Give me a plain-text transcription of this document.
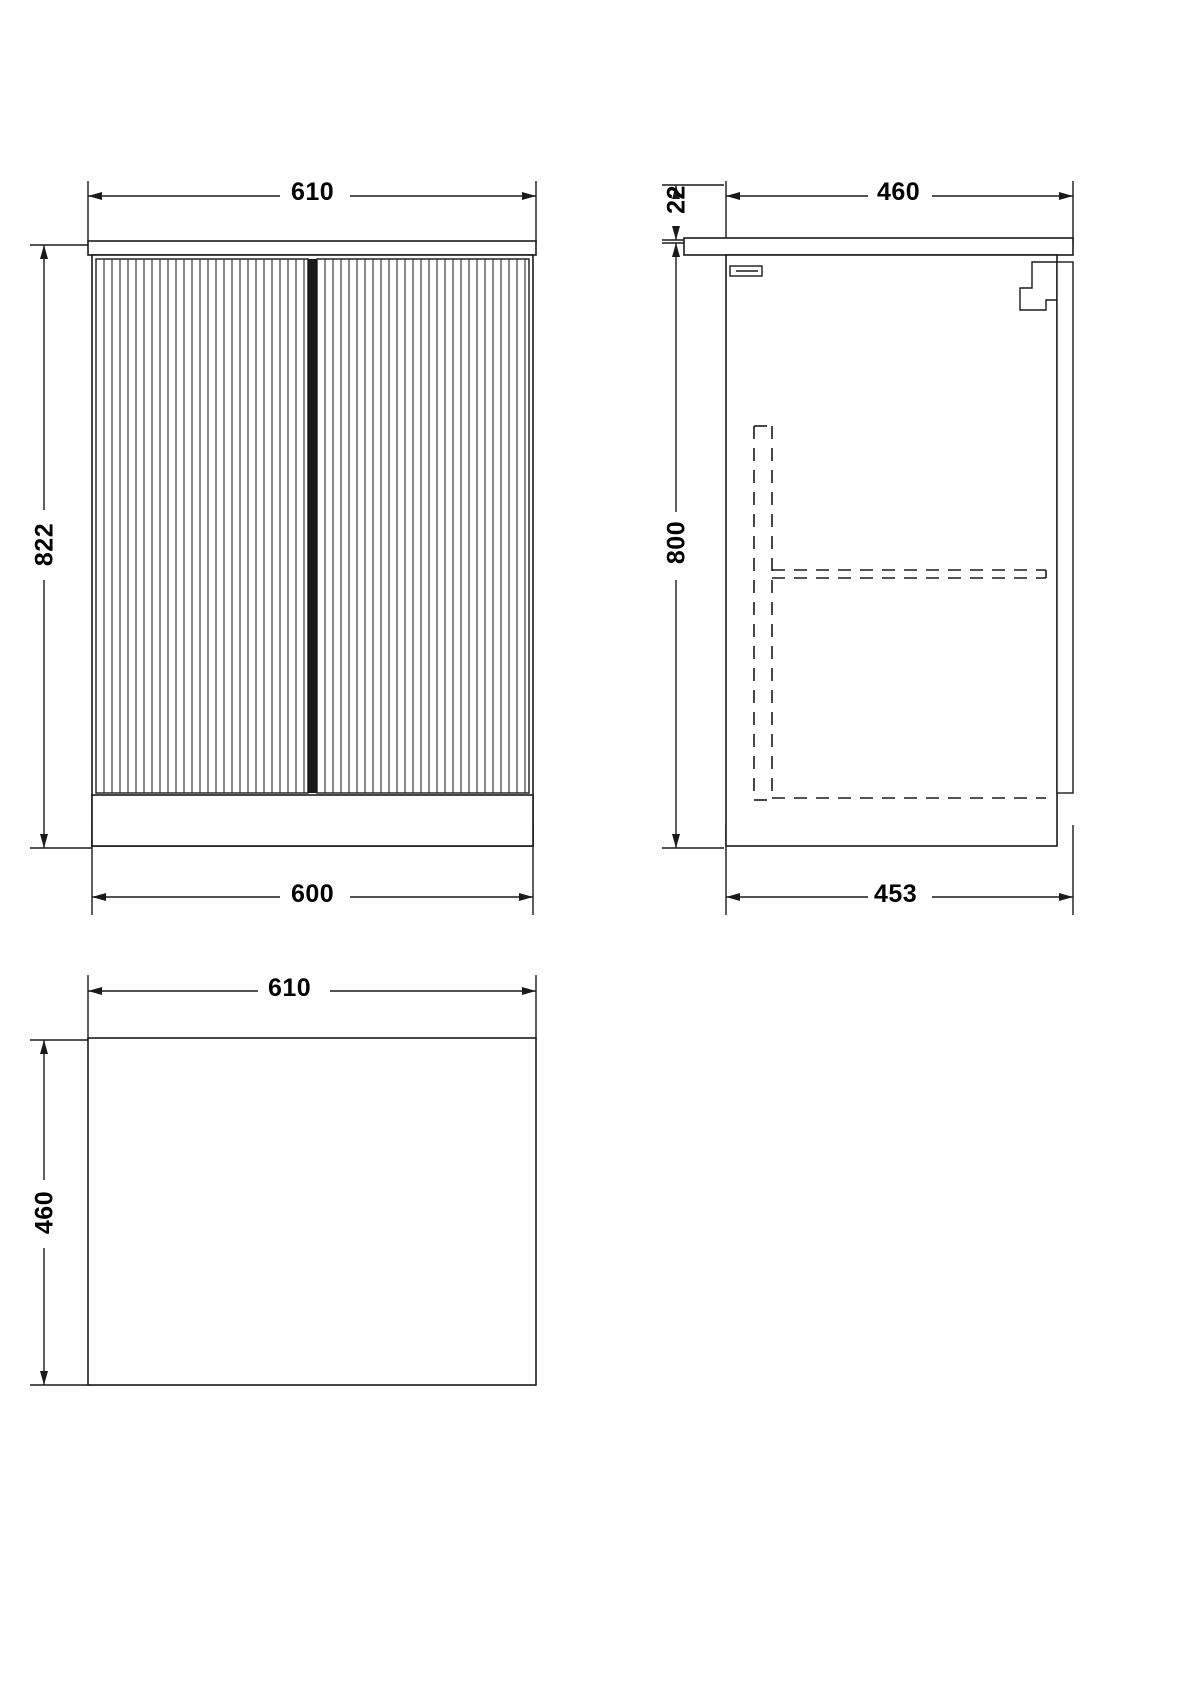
610
822
600
22	460
800
453
610
460
